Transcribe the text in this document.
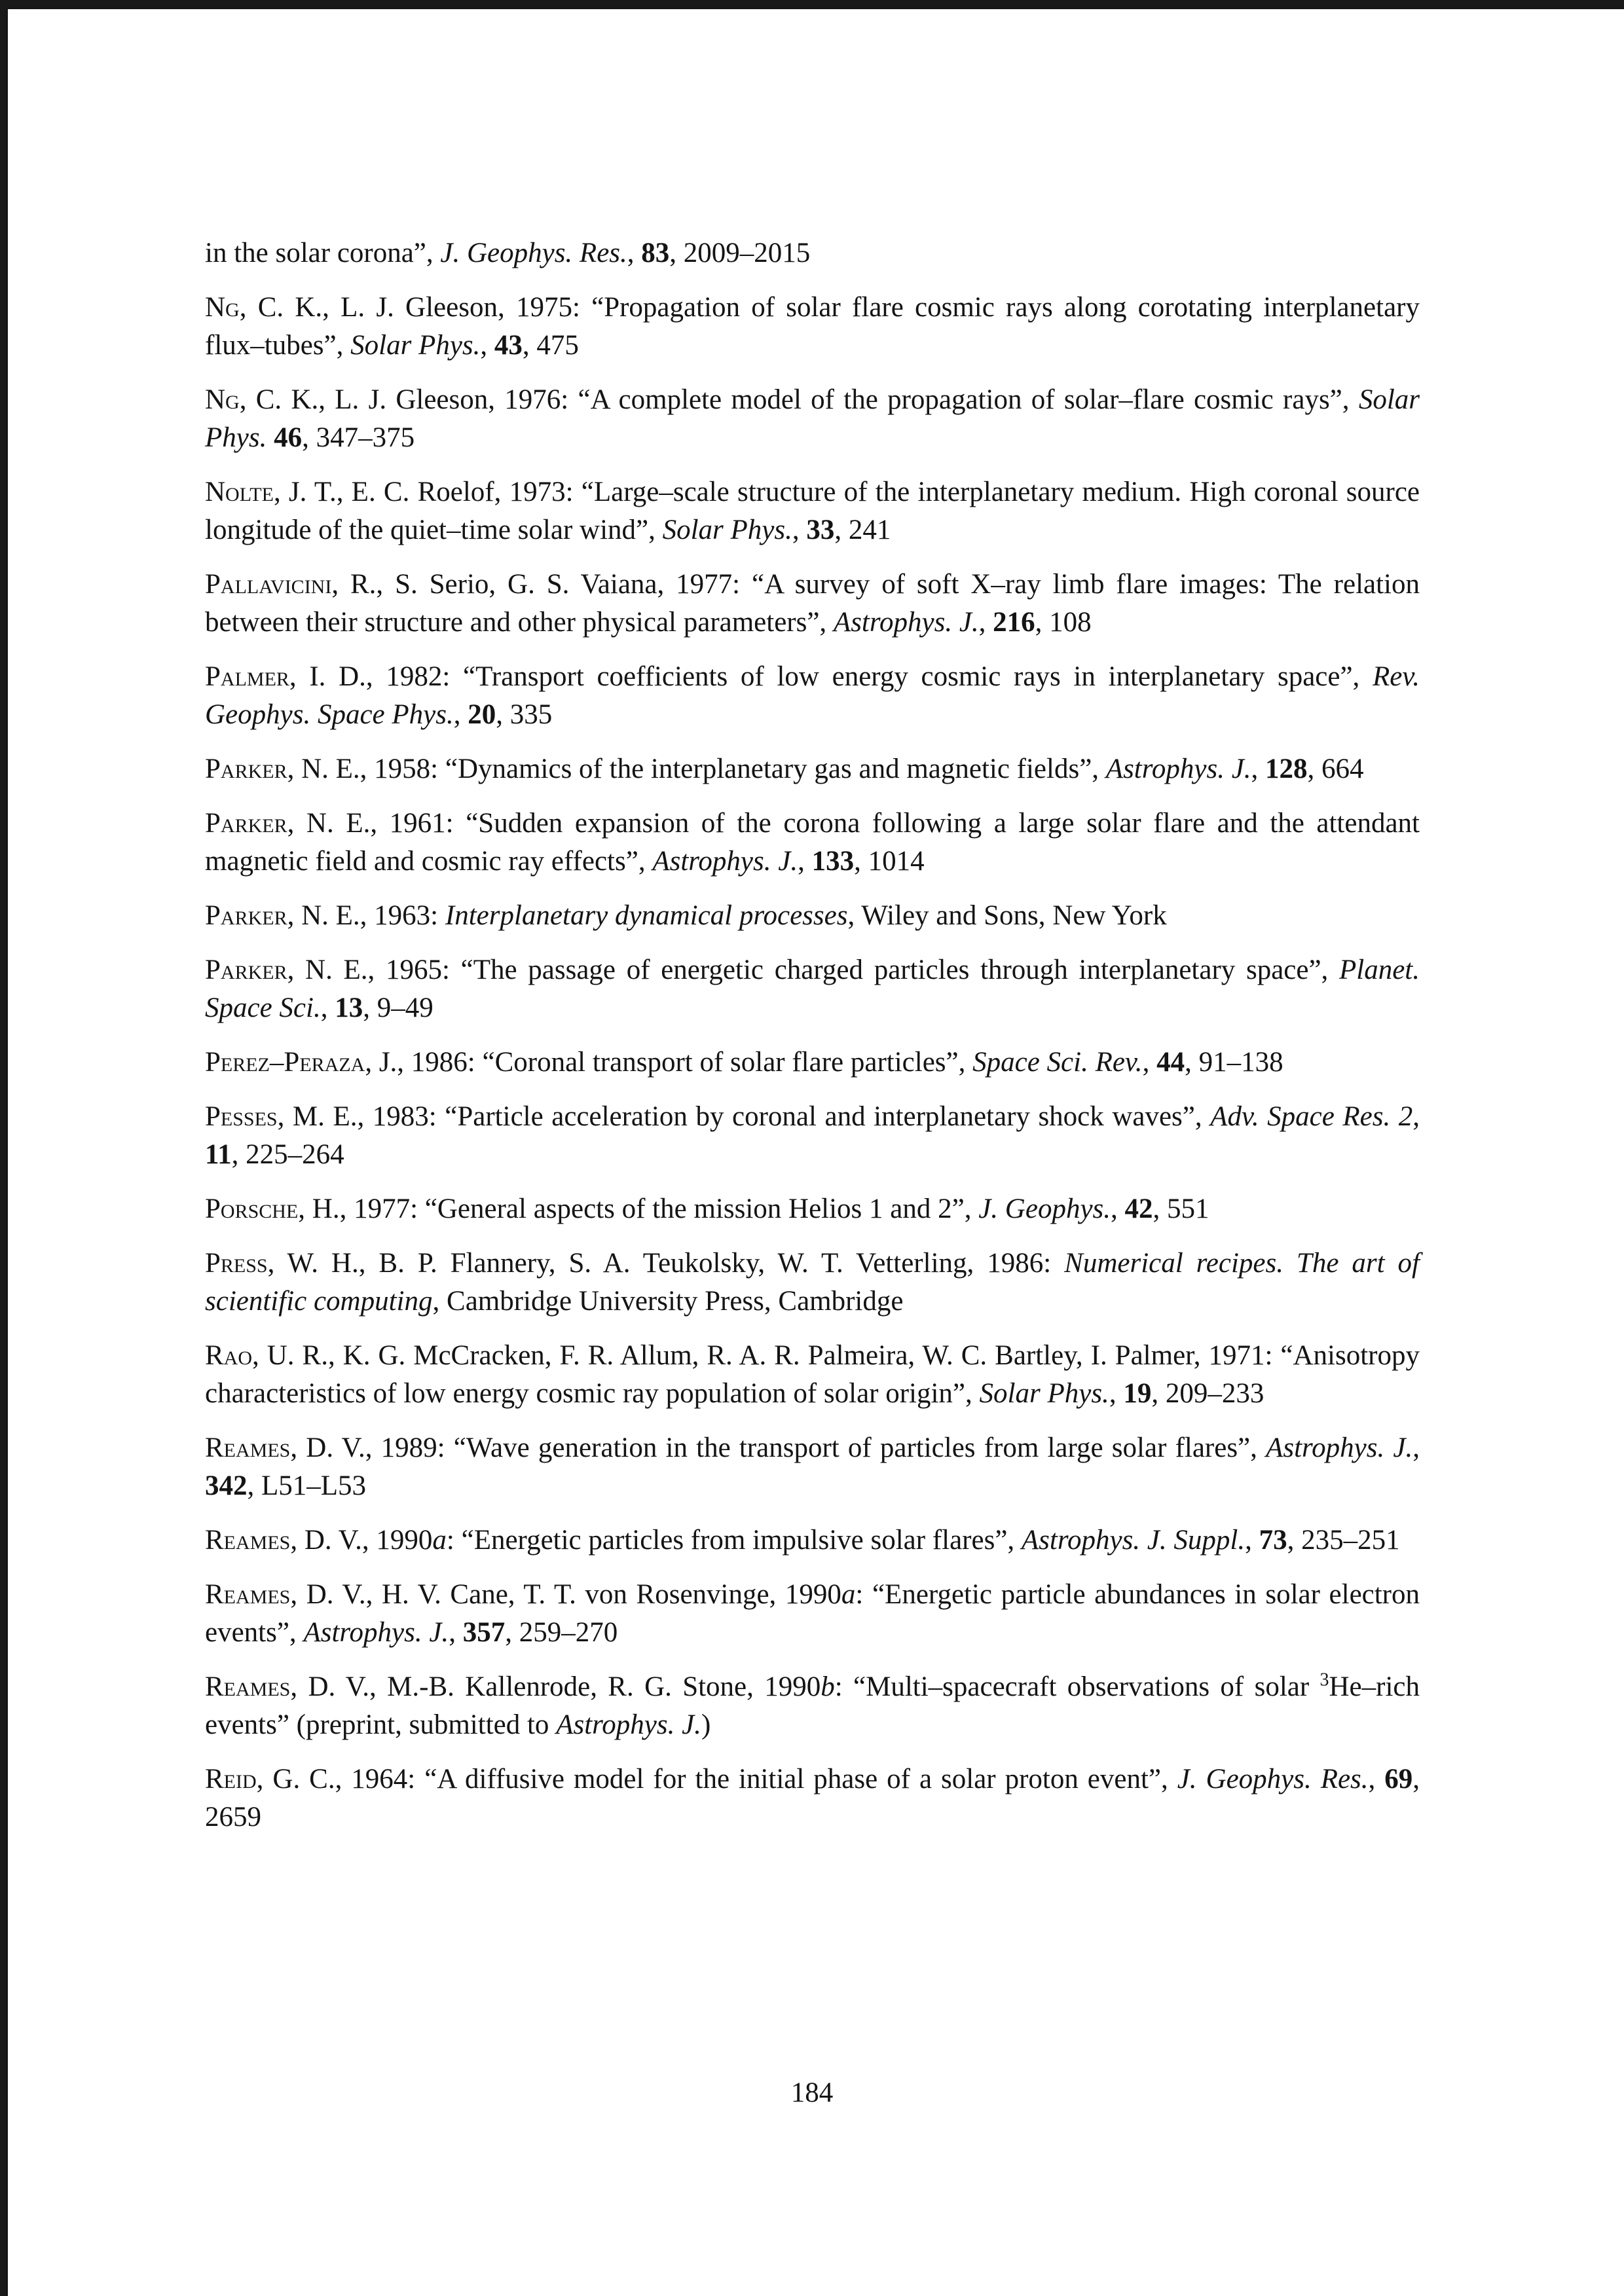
in the solar corona”, J. Geophys. Res., 83, 2009–2015

Ng, C. K., L. J. Gleeson, 1975: “Propagation of solar flare cosmic rays along corotating interplanetary flux–tubes”, Solar Phys., 43, 475

Ng, C. K., L. J. Gleeson, 1976: “A complete model of the propagation of solar–flare cosmic rays”, Solar Phys. 46, 347–375

Nolte, J. T., E. C. Roelof, 1973: “Large–scale structure of the interplanetary medium. High coronal source longitude of the quiet–time solar wind”, Solar Phys., 33, 241

Pallavicini, R., S. Serio, G. S. Vaiana, 1977: “A survey of soft X–ray limb flare images: The relation between their structure and other physical parameters”, Astrophys. J., 216, 108

Palmer, I. D., 1982: “Transport coefficients of low energy cosmic rays in interplanetary space”, Rev. Geophys. Space Phys., 20, 335

Parker, N. E., 1958: “Dynamics of the interplanetary gas and magnetic fields”, Astrophys. J., 128, 664

Parker, N. E., 1961: “Sudden expansion of the corona following a large solar flare and the attendant magnetic field and cosmic ray effects”, Astrophys. J., 133, 1014

Parker, N. E., 1963: Interplanetary dynamical processes, Wiley and Sons, New York

Parker, N. E., 1965: “The passage of energetic charged particles through interplanetary space”, Planet. Space Sci., 13, 9–49

Perez–Peraza, J., 1986: “Coronal transport of solar flare particles”, Space Sci. Rev., 44, 91–138

Pesses, M. E., 1983: “Particle acceleration by coronal and interplanetary shock waves”, Adv. Space Res. 2, 11, 225–264

Porsche, H., 1977: “General aspects of the mission Helios 1 and 2”, J. Geophys., 42, 551

Press, W. H., B. P. Flannery, S. A. Teukolsky, W. T. Vetterling, 1986: Numerical recipes. The art of scientific computing, Cambridge University Press, Cambridge

Rao, U. R., K. G. McCracken, F. R. Allum, R. A. R. Palmeira, W. C. Bartley, I. Palmer, 1971: “Anisotropy characteristics of low energy cosmic ray population of solar origin”, Solar Phys., 19, 209–233

Reames, D. V., 1989: “Wave generation in the transport of particles from large solar flares”, Astrophys. J., 342, L51–L53

Reames, D. V., 1990a: “Energetic particles from impulsive solar flares”, Astrophys. J. Suppl., 73, 235–251

Reames, D. V., H. V. Cane, T. T. von Rosenvinge, 1990a: “Energetic particle abundances in solar electron events”, Astrophys. J., 357, 259–270

Reames, D. V., M.-B. Kallenrode, R. G. Stone, 1990b: “Multi–spacecraft observations of solar $^3$He–rich events” (preprint, submitted to Astrophys. J.)

Reid, G. C., 1964: “A diffusive model for the initial phase of a solar proton event”, J. Geophys. Res., 69, 2659

184
